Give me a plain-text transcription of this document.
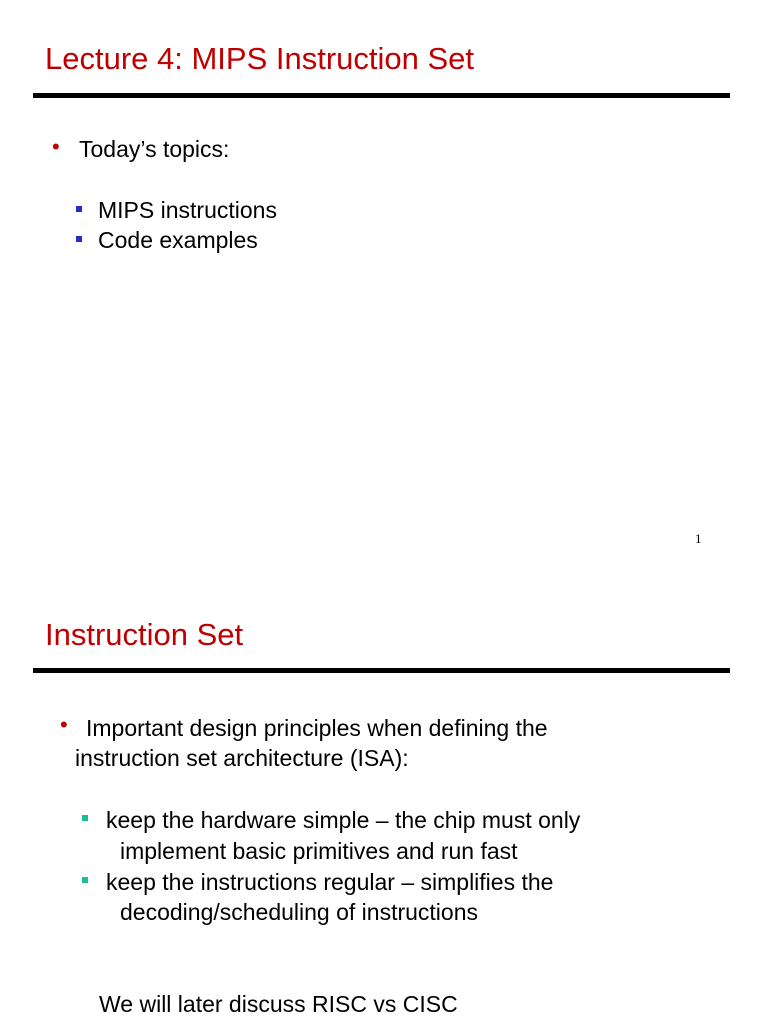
Lecture 4: MIPS Instruction Set
• Today’s topics:
MIPS instructions
Code examples
1
Instruction Set
• Important design principles when defining the
instruction set architecture (ISA):
keep the hardware simple – the chip must only
implement basic primitives and run fast
keep the instructions regular – simplifies the
decoding/scheduling of instructions
We will later discuss RISC vs CISC
